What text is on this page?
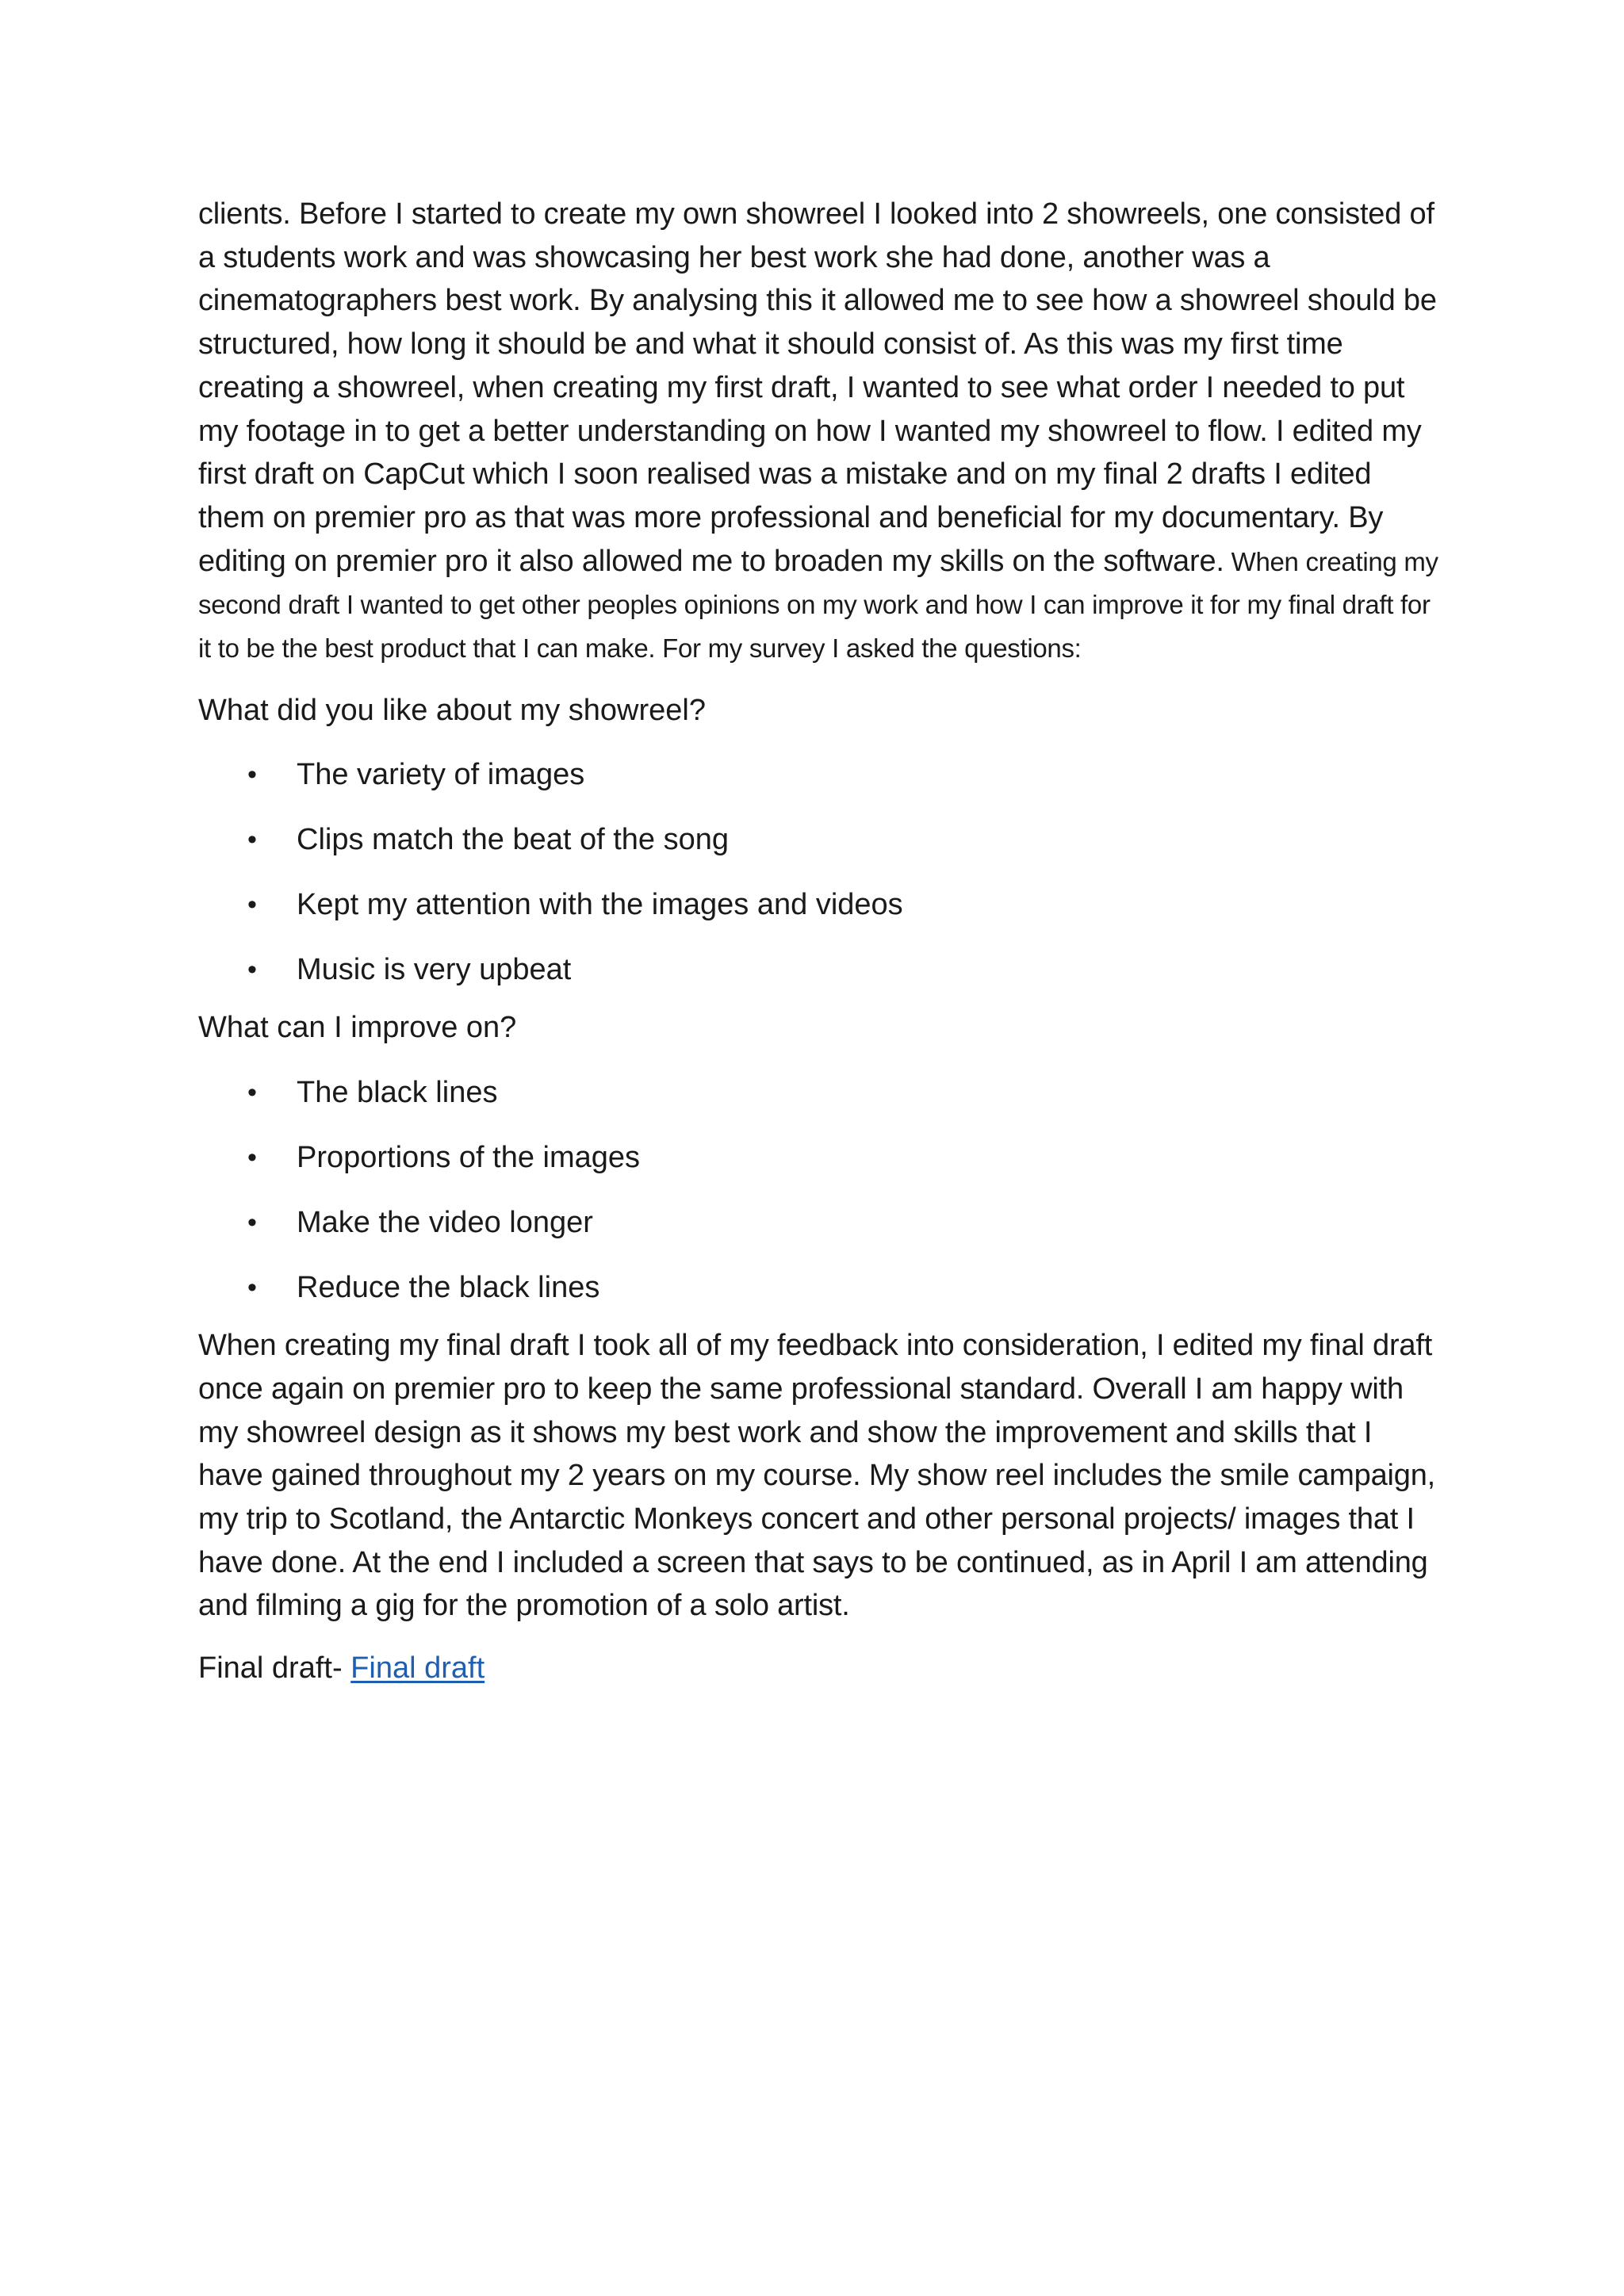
clients. Before I started to create my own showreel I looked into 2 showreels, one consisted of a students work and was showcasing her best work she had done, another was a cinematographers best work. By analysing this it allowed me to see how a showreel should be structured, how long it should be and what it should consist of. As this was my first time creating a showreel, when creating my first draft, I wanted to see what order I needed to put my footage in to get a better understanding on how I wanted my showreel to flow. I edited my first draft on CapCut which I soon realised was a mistake and on my final 2 drafts I edited them on premier pro as that was more professional and beneficial for my documentary. By editing on premier pro it also allowed me to broaden my skills on the software. When creating my second draft I wanted to get other peoples opinions on my work and how I can improve it for my final draft for it to be the best product that I can make. For my survey I asked the questions:

What did you like about my showreel?

• The variety of images
• Clips match the beat of the song
• Kept my attention with the images and videos
• Music is very upbeat

What can I improve on?

• The black lines
• Proportions of the images
• Make the video longer
• Reduce the black lines

When creating my final draft I took all of my feedback into consideration, I edited my final draft once again on premier pro to keep the same professional standard. Overall I am happy with my showreel design as it shows my best work and show the improvement and skills that I have gained throughout my 2 years on my course. My show reel includes the smile campaign, my trip to Scotland, the Antarctic Monkeys concert and other personal projects/ images that I have done. At the end I included a screen that says to be continued, as in April I am attending and filming a gig for the promotion of a solo artist.

Final draft- Final draft
